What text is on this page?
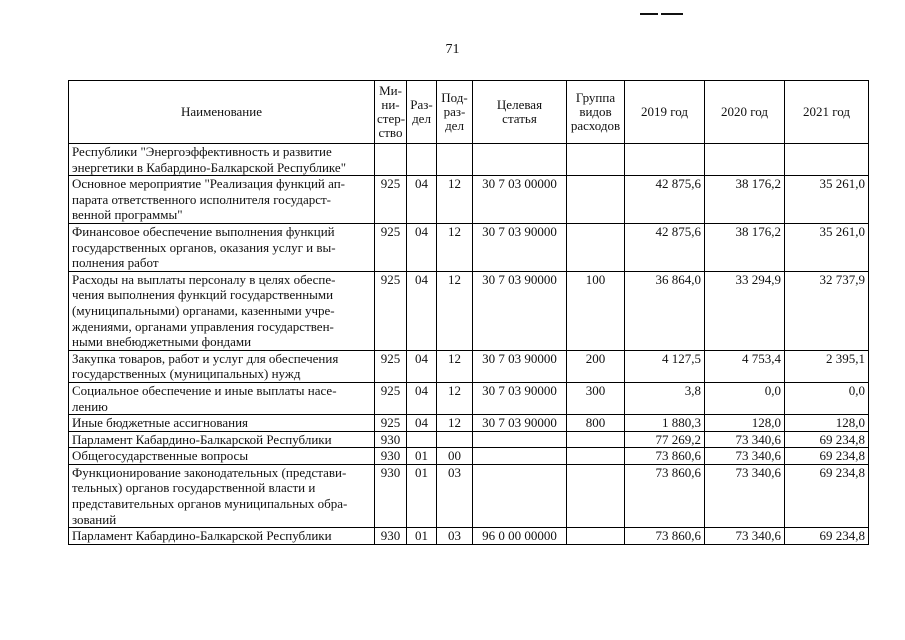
71
Наименование	Ми-
ни-
стер-
ство	Раз-
дел	Под-
раз-
дел	Целевая
статья	Группа
видов
расходов	2019 год	2020 год	2021 год

Республики "Энергоэффективность и развитие
энергетики в Кабардино-Балкарской Республике"								

Основное мероприятие "Реализация функций ап-
парата ответственного исполнителя государст-
венной программы"	925	04	12	30 7 03 00000		42 875,6	38 176,2	35 261,0

Финансовое обеспечение выполнения функций
государственных органов, оказания услуг и вы-
полнения работ	925	04	12	30 7 03 90000		42 875,6	38 176,2	35 261,0

Расходы на выплаты персоналу в целях обеспе-
чения выполнения функций государственными
(муниципальными) органами, казенными учре-
ждениями, органами управления государствен-
ными внебюджетными фондами	925	04	12	30 7 03 90000	100	36 864,0	33 294,9	32 737,9

Закупка товаров, работ и услуг для обеспечения
государственных (муниципальных) нужд	925	04	12	30 7 03 90000	200	4 127,5	4 753,4	2 395,1

Социальное обеспечение и иные выплаты насе-
лению	925	04	12	30 7 03 90000	300	3,8	0,0	0,0

Иные бюджетные ассигнования	925	04	12	30 7 03 90000	800	1 880,3	128,0	128,0

Парламент Кабардино-Балкарской Республики	930					77 269,2	73 340,6	69 234,8

Общегосударственные вопросы	930	01	00			73 860,6	73 340,6	69 234,8

Функционирование законодательных (представи-
тельных) органов государственной власти и
представительных органов муниципальных обра-
зований	930	01	03			73 860,6	73 340,6	69 234,8

Парламент Кабардино-Балкарской Республики	930	01	03	96 0 00 00000		73 860,6	73 340,6	69 234,8
